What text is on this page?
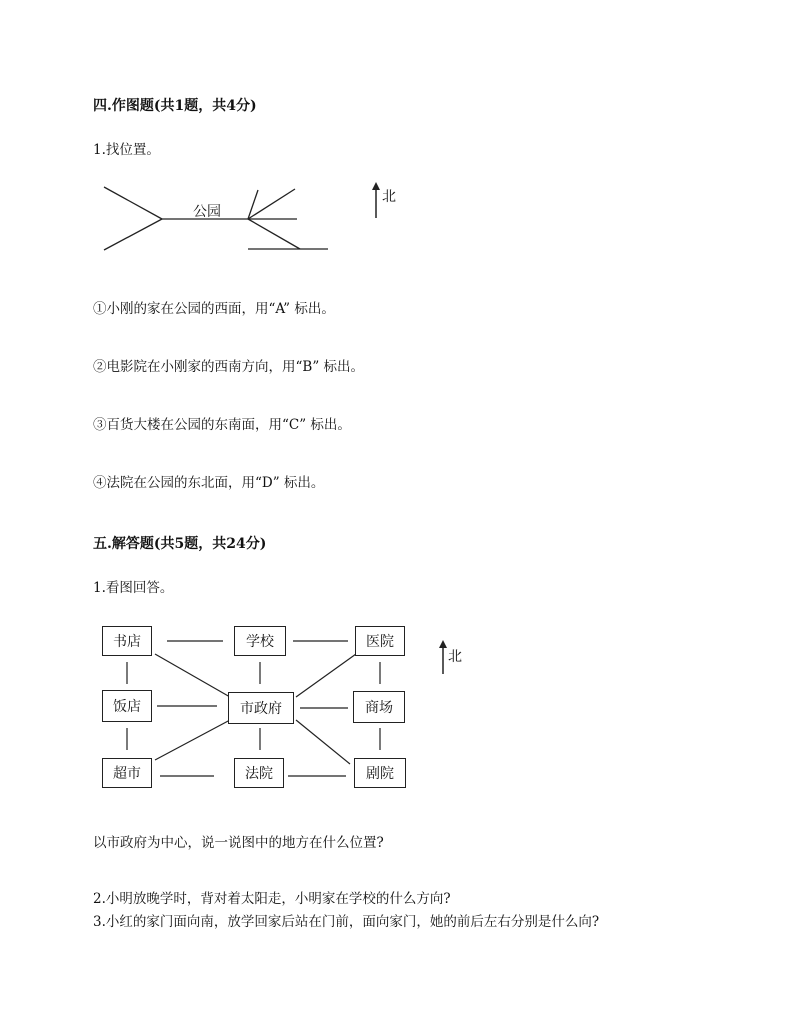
四.作图题(共1题，共4分)
1.找位置。
公园
北
①小刚的家在公园的西面，用“A” 标出。
②电影院在小刚家的西南方向，用“B” 标出。
③百货大楼在公园的东南面，用“C” 标出。
④法院在公园的东北面，用“D” 标出。
五.解答题(共5题，共24分)
1.看图回答。
北
书店	学校	医院
饭店	市政府	商场
超市	法院	剧院
以市政府为中心，说一说图中的地方在什么位置?
2.小明放晚学时，背对着太阳走，小明家在学校的什么方向?
3.小红的家门面向南，放学回家后站在门前，面向家门，她的前后左右分别是什么向?
